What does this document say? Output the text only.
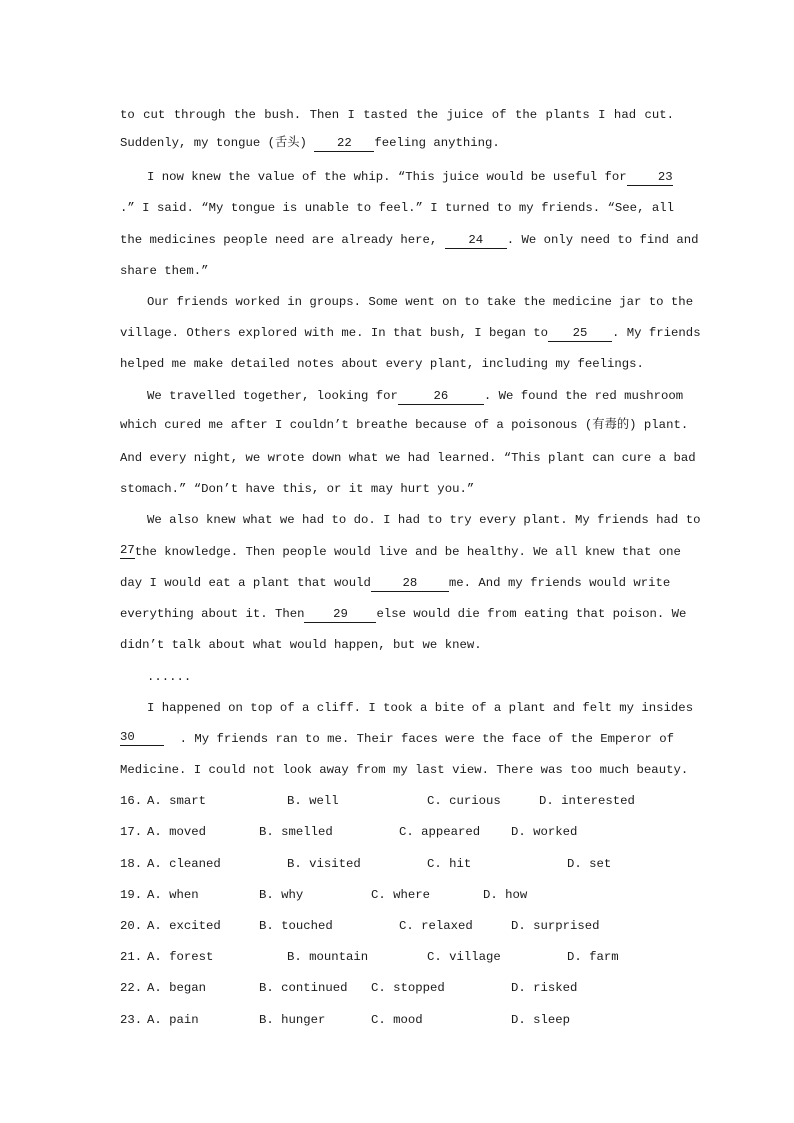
to cut through the bush. Then I tasted the juice of the plants I had cut.

Suddenly, my tongue (舌头) 22 feeling anything.

I now knew the value of the whip. “This juice would be useful for	23

.” I said. “My tongue is unable to feel.” I turned to my friends. “See, all

the medicines people need are already here, 24	. We only need to find and

share them.”

Our friends worked in groups. Some went on to take the medicine jar to the

village. Others explored with me. In that bush, I began to 25	. My friends

helped me make detailed notes about every plant, including my feelings.

We travelled together, looking for	26	. We found the red mushroom

which cured me after I couldn’t breathe because of a poisonous (有毒的) plant.

And every night, we wrote down what we had learned. “This plant can cure a bad

stomach.” “Don’t have this, or it may hurt you.”

We also knew what we had to do. I had to try every plant. My friends had to

27 the knowledge. Then people would live and be healthy. We all knew that one

day I would eat a plant that would	28	me. And my friends would write

everything about it. Then 29	else would die from eating that poison. We

didn’t talk about what would happen, but we knew.

......

I happened on top of a cliff. I took a bite of a plant and felt my insides

30	. My friends ran to me. Their faces were the face of the Emperor of

Medicine. I could not look away from my last view. There was too much beauty.

16. A. smart	B. well	C. curious	D. interested
17. A. moved	B. smelled	C. appeared	D. worked
18. A. cleaned	B. visited	C. hit	D. set
19. A. when	B. why	C. where	D. how
20. A. excited	B. touched	C. relaxed	D. surprised
21. A. forest	B. mountain	C. village	D. farm
22. A. began	B. continued C. stopped	D. risked
23. A. pain	B. hunger	C. mood	D. sleep
